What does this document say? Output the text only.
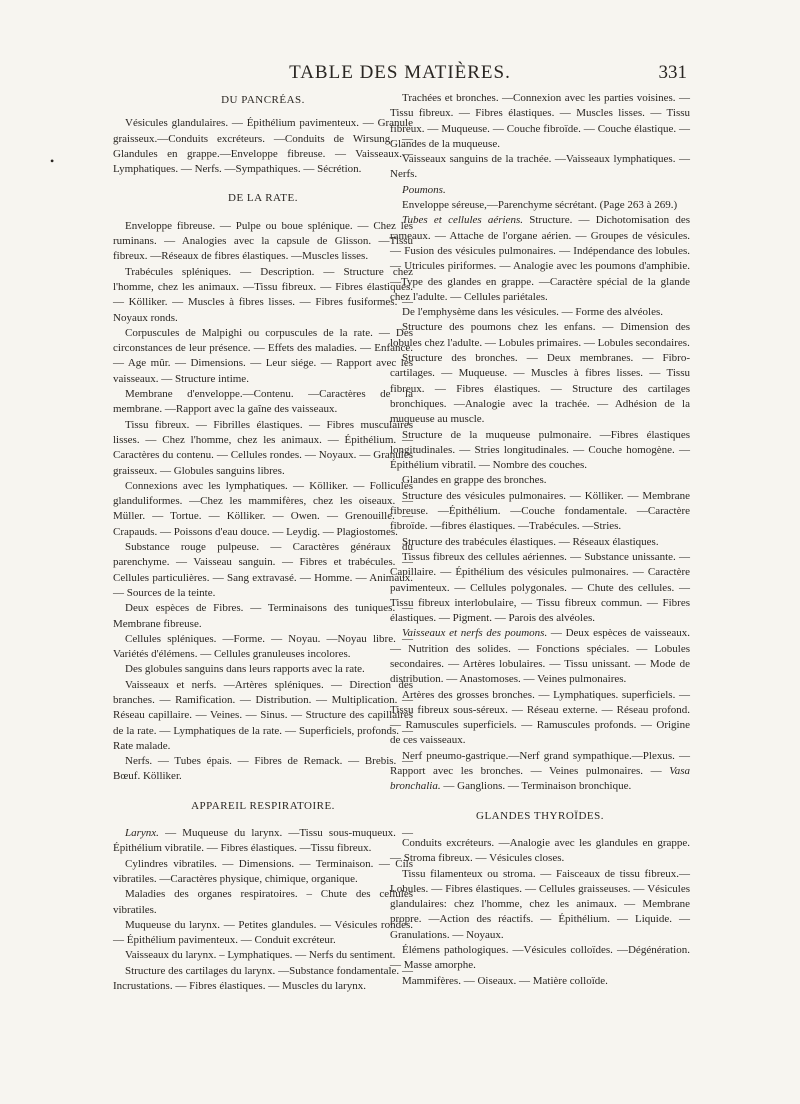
TABLE DES MATIÈRES.	331
•
DU PANCRÉAS.

Vésicules glandulaires. — Épithélium pavimenteux. — Granule graisseux.—Conduits excréteurs. —Conduits de Wirsung. — Glandules en grappe.—Enveloppe fibreuse. — Vaisseaux.— Lymphatiques. — Nerfs. —Sympathiques. — Sécrétion.

DE LA RATE.

Enveloppe fibreuse. — Pulpe ou boue splénique. — Chez les ruminans. — Analogies avec la capsule de Glisson. —Tissu fibreux. —Réseaux de fibres élastiques. —Muscles lisses.

Trabécules spléniques. — Description. — Structure chez l'homme, chez les animaux. —Tissu fibreux. — Fibres élastiques. — Kölliker. — Muscles à fibres lisses. — Fibres fusiformes. — Noyaux ronds.

Corpuscules de Malpighi ou corpuscules de la rate. — Des circonstances de leur présence. — Effets des maladies. — Enfance. — Age mûr. — Dimensions. — Leur siége. — Rapport avec les vaisseaux. — Structure intime.

Membrane d'enveloppe.—Contenu. —Caractères de la membrane. —Rapport avec la gaîne des vaisseaux.

Tissu fibreux. — Fibrilles élastiques. — Fibres musculaires lisses. — Chez l'homme, chez les animaux. — Épithélium. — Caractères du contenu. — Cellules rondes. — Noyaux. — Granules graisseux. — Globules sanguins libres.

Connexions avec les lymphatiques. — Kölliker. — Follicules glanduliformes. —Chez les mammifères, chez les oiseaux. — Müller. — Tortue. — Kölliker. — Owen. — Grenouille. — Crapauds. — Poissons d'eau douce. — Leydig. — Plagiostomes.

Substance rouge pulpeuse. — Caractères généraux du parenchyme. — Vaisseau sanguin. — Fibres et trabécules. — Cellules particulières. — Sang extravasé. — Homme. — Animaux. — Sources de la teinte.

Deux espèces de Fibres. — Terminaisons des tuniques. — Membrane fibreuse.

Cellules spléniques. —Forme. — Noyau. —Noyau libre. — Variétés d'élémens. — Cellules granuleuses incolores.

Des globules sanguins dans leurs rapports avec la rate.

Vaisseaux et nerfs. —Artères spléniques. — Direction des branches. — Ramification. — Distribution. — Multiplication. — Réseau capillaire. — Veines. — Sinus. — Structure des capillaires de la rate. — Lymphatiques de la rate. — Superficiels, profonds. — Rate malade.

Nerfs. — Tubes épais. — Fibres de Remack. — Brebis. — Bœuf. Kölliker.

APPAREIL RESPIRATOIRE.

Larynx. — Muqueuse du larynx. —Tissu sous-muqueux. — Épithélium vibratile. — Fibres élastiques. —Tissu fibreux.

Cylindres vibratiles. — Dimensions. — Terminaison. — Cils vibratiles. —Caractères physique, chimique, organique.

Maladies des organes respiratoires. – Chute des cellules vibratiles.

Muqueuse du larynx. — Petites glandules. — Vésicules rondes. — Épithélium pavimenteux. — Conduit excréteur.

Vaisseaux du larynx. – Lymphatiques. — Nerfs du sentiment.

Structure des cartilages du larynx. —Substance fondamentale. — Incrustations. — Fibres élastiques. — Muscles du larynx.

Trachées et bronches. —Connexion avec les parties voisines. — Tissu fibreux. — Fibres élastiques. — Muscles lisses. — Tissu fibreux. — Muqueuse. — Couche fibroïde. — Couche élastique. — Glandes de la muqueuse.

Vaisseaux sanguins de la trachée. —Vaisseaux lymphatiques. — Nerfs.

Poumons.

Enveloppe séreuse,—Parenchyme sécrétant. (Page 263 à 269.)

Tubes et cellules aériens. Structure. — Dichotomisation des rameaux. — Attache de l'organe aérien. — Groupes de vésicules. — Fusion des vésicules pulmonaires. — Indépendance des lobules. — Utricules piriformes. — Analogie avec les poumons d'amphibie. —Type des glandes en grappe. —Caractère spécial de la glande chez l'adulte. — Cellules pariétales.

De l'emphysème dans les vésicules. — Forme des alvéoles.

Structure des poumons chez les enfans. — Dimension des lobules chez l'adulte. — Lobules primaires. — Lobules secondaires.

Structure des bronches. — Deux membranes. — Fibro-cartilages. — Muqueuse. — Muscles à fibres lisses. — Tissu fibreux. — Fibres élastiques. — Structure des cartilages bronchiques. —Analogie avec la trachée. — Adhésion de la muqueuse au muscle.

Structure de la muqueuse pulmonaire. —Fibres élastiques longitudinales. — Stries longitudinales. — Couche homogène. — Épithélium vibratil. — Nombre des couches.

Glandes en grappe des bronches.

Structure des vésicules pulmonaires. — Kölliker. — Membrane fibreuse. —Épithélium. —Couche fondamentale. —Caractère fibroïde. —fibres élastiques. —Trabécules. —Stries.

Structure des trabécules élastiques. — Réseaux élastiques.

Tissus fibreux des cellules aériennes. — Substance unissante. — Capillaire. — Épithélium des vésicules pulmonaires. — Caractère pavimenteux. — Cellules polygonales. — Chute des cellules. — Tissu fibreux interlobulaire, — Tissu fibreux commun. — Fibres élastiques. — Pigment. — Parois des alvéoles.

Vaisseaux et nerfs des poumons. — Deux espèces de vaisseaux. — Nutrition des solides. — Fonctions spéciales. — Lobules secondaires. — Artères lobulaires. — Tissu unissant. — Mode de distribution. — Anastomoses. — Veines pulmonaires.

Artères des grosses bronches. — Lymphatiques. superficiels. — Tissu fibreux sous-séreux. — Réseau externe. — Réseau profond. — Ramuscules superficiels. — Ramuscules profonds. — Origine de ces vaisseaux.

Nerf pneumo-gastrique.—Nerf grand sympathique.—Plexus. — Rapport avec les bronches. — Veines pulmonaires. — Vasa bronchalia. — Ganglions. — Terminaison bronchique.

GLANDES THYROÏDES.

Conduits excréteurs. —Analogie avec les glandules en grappe. — Stroma fibreux. — Vésicules closes.

Tissu filamenteux ou stroma. — Faisceaux de tissu fibreux.— Lobules. — Fibres élastiques. — Cellules graisseuses. — Vésicules glandulaires: chez l'homme, chez les animaux. — Membrane propre. —Action des réactifs. — Épithélium. — Liquide. — Granulations. — Noyaux.

Élémens pathologiques. —Vésicules colloïdes. —Dégénération. — Masse amorphe.

Mammifères. — Oiseaux. — Matière colloïde.
